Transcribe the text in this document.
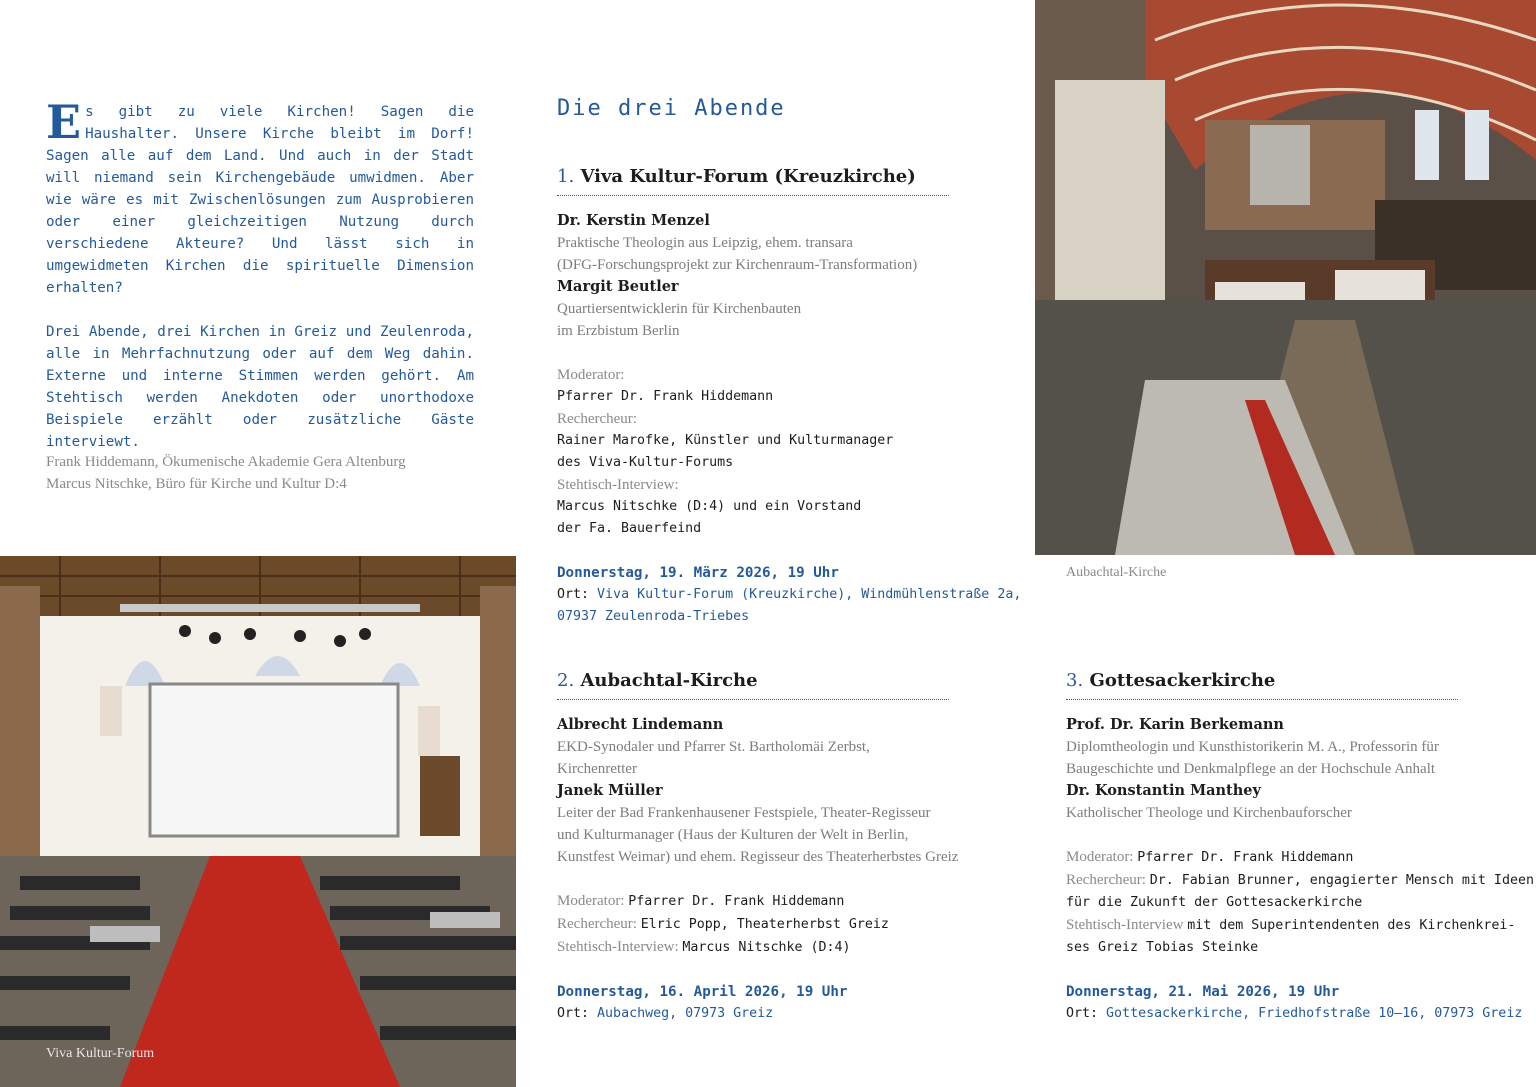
Es gibt zu viele Kirchen! Sagen die Haushalter. Unsere Kirche bleibt im Dorf! Sagen alle auf dem Land. Und auch in der Stadt will niemand sein Kirchengebäude umwidmen. Aber wie wäre es mit Zwischenlösungen zum Ausprobieren oder einer gleichzeitigen Nutzung durch verschiedene Akteure? Und lässt sich in umgewidmeten Kirchen die spirituelle Dimension erhalten?

Drei Abende, drei Kirchen in Greiz und Zeulenroda, alle in Mehrfachnutzung oder auf dem Weg dahin. Externe und interne Stimmen werden gehört. Am Stehtisch werden Anekdoten oder unorthodoxe Beispiele erzählt oder zusätzliche Gäste interviewt.

Frank Hiddemann, Ökumenische Akademie Gera Altenburg
Marcus Nitschke, Büro für Kirche und Kultur D:4
Viva Kultur-Forum
Aubachtal-Kirche
Die drei Abende
1. Viva Kultur-Forum (Kreuzkirche)
Dr. Kerstin Menzel
Praktische Theologin aus Leipzig, ehem. transara
(DFG-Forschungsprojekt zur Kirchenraum-Transformation)
Margit Beutler
Quartiersentwicklerin für Kirchenbauten
im Erzbistum Berlin
Moderator:
Pfarrer Dr. Frank Hiddemann
Rechercheur:
Rainer Marofke, Künstler und Kulturmanager
des Viva-Kultur-Forums
Stehtisch-Interview:
Marcus Nitschke (D:4) und ein Vorstand
der Fa. Bauerfeind
Donnerstag, 19. März 2026, 19 Uhr
Ort: Viva Kultur-Forum (Kreuzkirche), Windmühlenstraße 2a,
07937 Zeulenroda-Triebes
2. Aubachtal-Kirche
Albrecht Lindemann
EKD-Synodaler und Pfarrer St. Bartholomäi Zerbst,
Kirchenretter
Janek Müller
Leiter der Bad Frankenhausener Festspiele, Theater-Regisseur
und Kulturmanager (Haus der Kulturen der Welt in Berlin,
Kunstfest Weimar) und ehem. Regisseur des Theaterherbstes Greiz
Moderator: Pfarrer Dr. Frank Hiddemann
Rechercheur: Elric Popp, Theaterherbst Greiz
Stehtisch-Interview: Marcus Nitschke (D:4)
Donnerstag, 16. April 2026, 19 Uhr
Ort: Aubachweg, 07973 Greiz
3. Gottesackerkirche
Prof. Dr. Karin Berkemann
Diplomtheologin und Kunsthistorikerin M. A., Professorin für
Baugeschichte und Denkmalpflege an der Hochschule Anhalt
Dr. Konstantin Manthey
Katholischer Theologe und Kirchenbauforscher
Moderator: Pfarrer Dr. Frank Hiddemann
Rechercheur: Dr. Fabian Brunner, engagierter Mensch mit Ideen
für die Zukunft der Gottesackerkirche
Stehtisch-Interview mit dem Superintendenten des Kirchenkrei-
ses Greiz Tobias Steinke
Donnerstag, 21. Mai 2026, 19 Uhr
Ort: Gottesackerkirche, Friedhofstraße 10–16, 07973 Greiz
